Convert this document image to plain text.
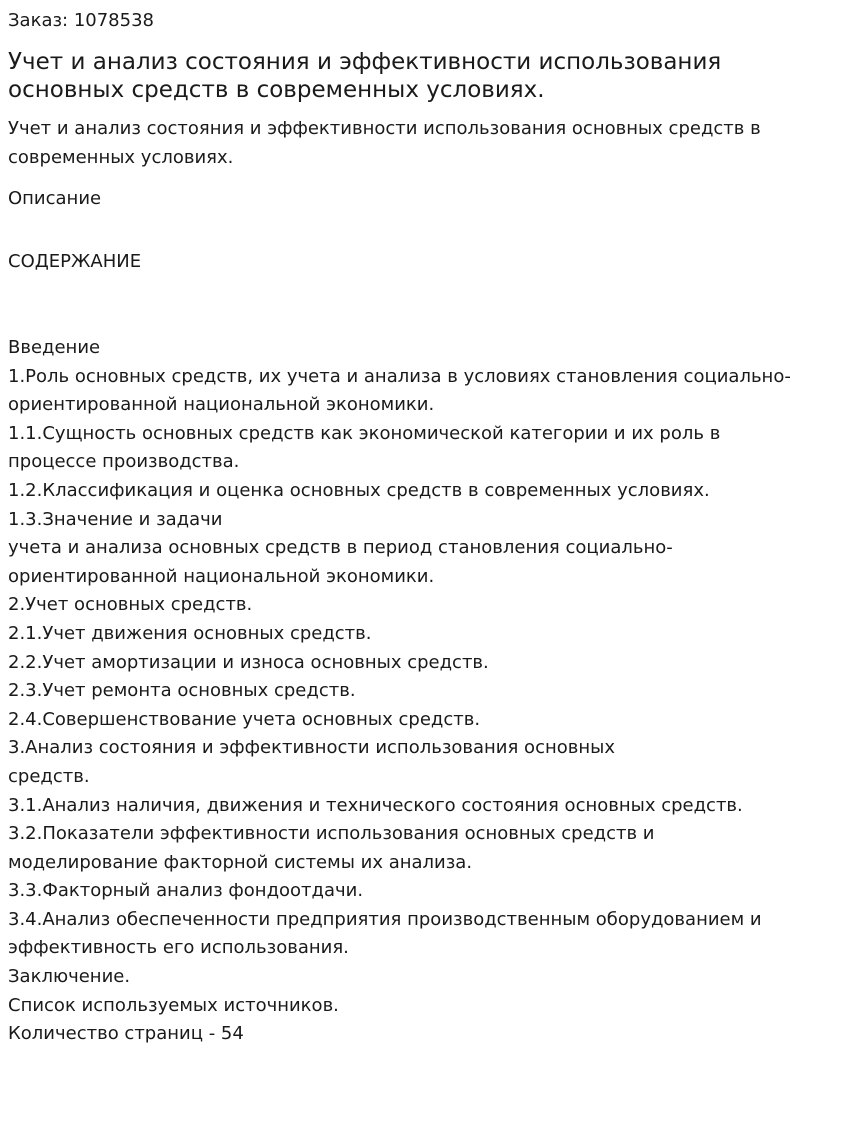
Заказ: 1078538
Учет и анализ состояния и эффективности использования основных средств в современных условиях.
Учет и анализ состояния и эффективности использования основных средств в современных условиях.
Описание
СОДЕРЖАНИЕ
Введение
1.Роль основных средств, их учета и анализа в условиях становления социально-
ориентированной национальной экономики.
1.1.Сущность основных средств как экономической категории и их роль в
процессе производства.
1.2.Классификация и оценка основных средств в современных условиях.
1.3.Значение и задачи
учета и анализа основных средств в период становления социально-
ориентированной национальной экономики.
2.Учет основных средств.
2.1.Учет движения основных средств.
2.2.Учет амортизации и износа основных средств.
2.3.Учет ремонта основных средств.
2.4.Совершенствование учета основных средств.
3.Анализ состояния и эффективности использования основных
средств.
3.1.Анализ наличия, движения и технического состояния основных средств.
3.2.Показатели эффективности использования основных средств и
моделирование факторной системы их анализа.
3.3.Факторный анализ фондоотдачи.
3.4.Анализ обеспеченности предприятия производственным оборудованием и
эффективность его использования.
Заключение.
Список используемых источников.
Количество страниц - 54
